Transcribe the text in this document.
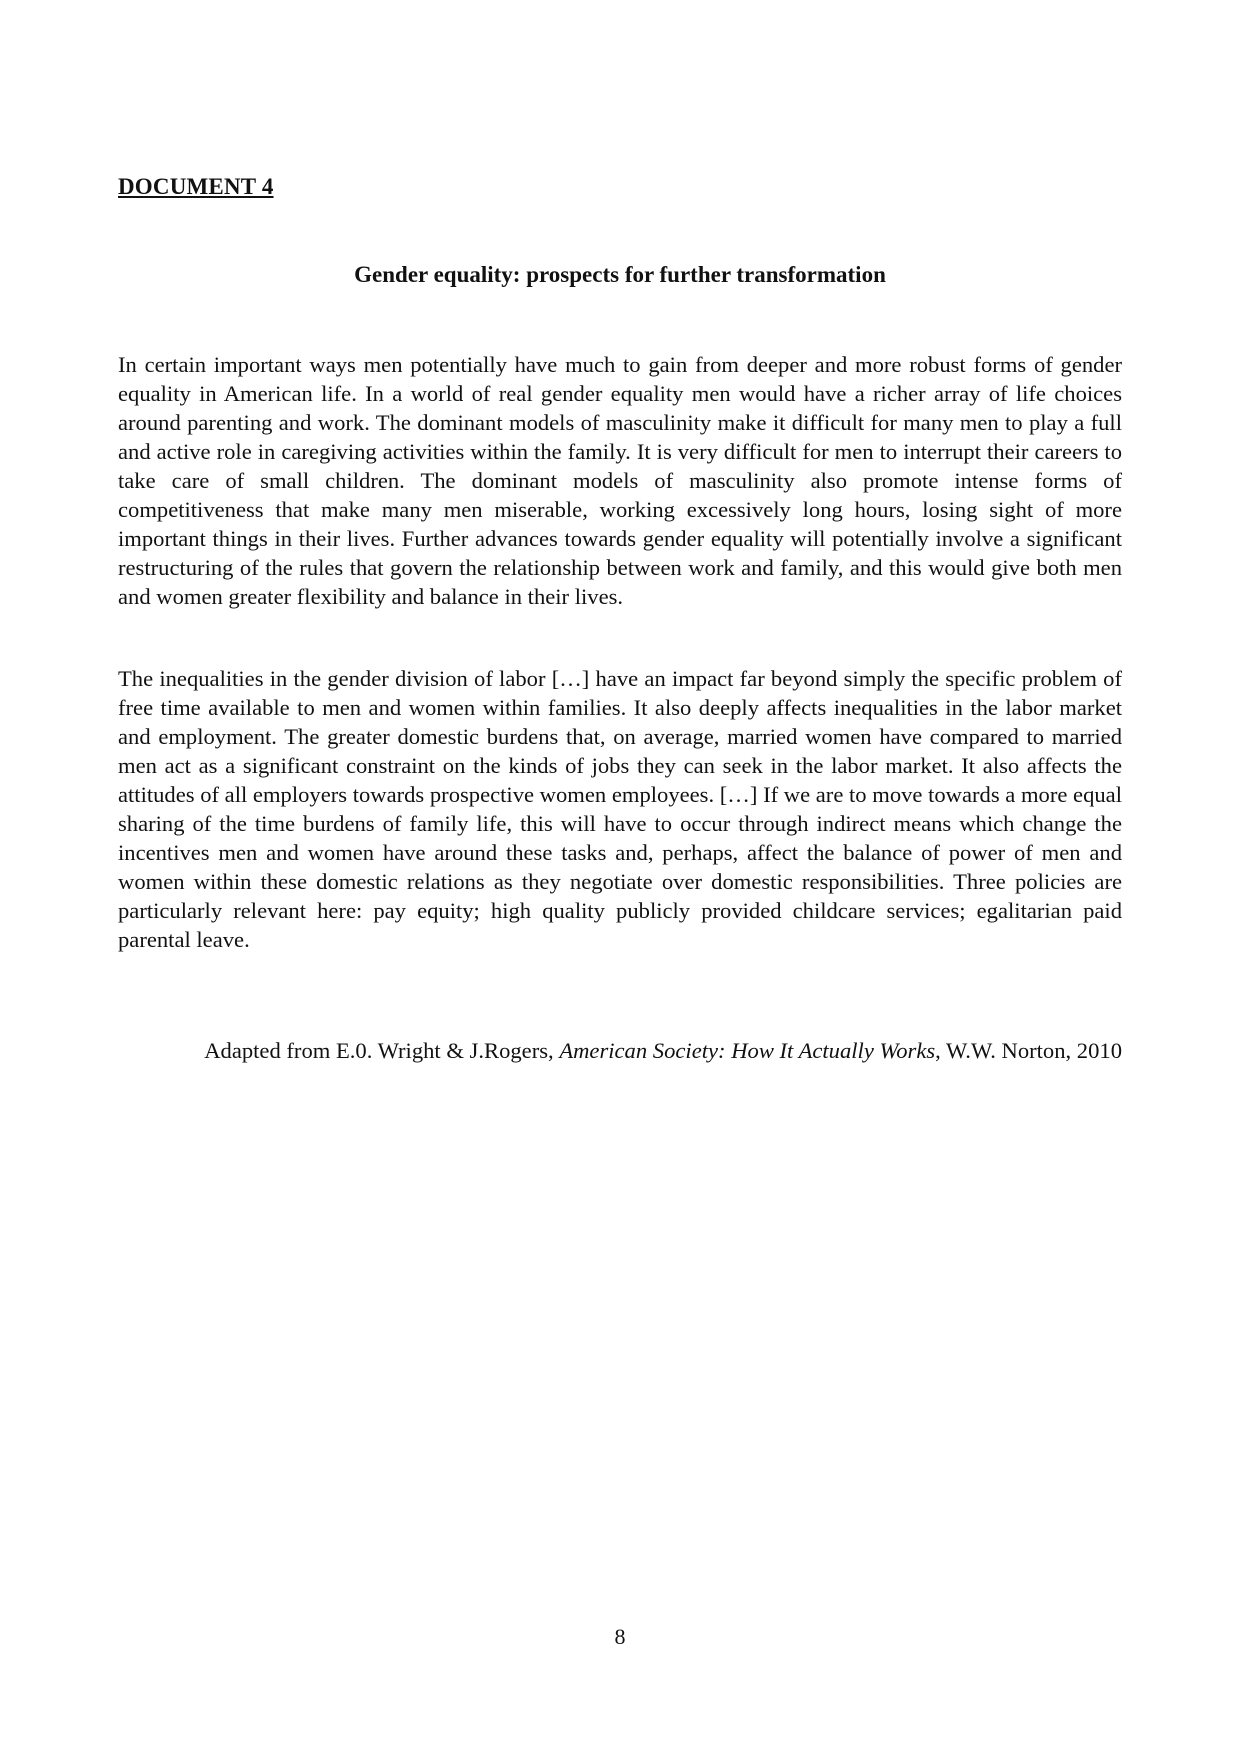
DOCUMENT 4
Gender equality: prospects for further transformation

In certain important ways men potentially have much to gain from deeper and more robust forms of gender equality in American life. In a world of real gender equality men would have a richer array of life choices around parenting and work. The dominant models of masculinity make it difficult for many men to play a full and active role in caregiving activities within the family. It is very difficult for men to interrupt their careers to take care of small children. The dominant models of masculinity also promote intense forms of competitiveness that make many men miserable, working excessively long hours, losing sight of more important things in their lives. Further advances towards gender equality will potentially involve a significant restructuring of the rules that govern the relationship between work and family, and this would give both men and women greater flexibility and balance in their lives.

The inequalities in the gender division of labor […] have an impact far beyond simply the specific problem of free time available to men and women within families. It also deeply affects inequalities in the labor market and employment. The greater domestic burdens that, on average, married women have compared to married men act as a significant constraint on the kinds of jobs they can seek in the labor market. It also affects the attitudes of all employers towards prospective women employees. […] If we are to move towards a more equal sharing of the time burdens of family life, this will have to occur through indirect means which change the incentives men and women have around these tasks and, perhaps, affect the balance of power of men and women within these domestic relations as they negotiate over domestic responsibilities. Three policies are particularly relevant here: pay equity; high quality publicly provided childcare services; egalitarian paid parental leave.

Adapted from E.0. Wright & J.Rogers, American Society: How It Actually Works, W.W. Norton, 2010

8
